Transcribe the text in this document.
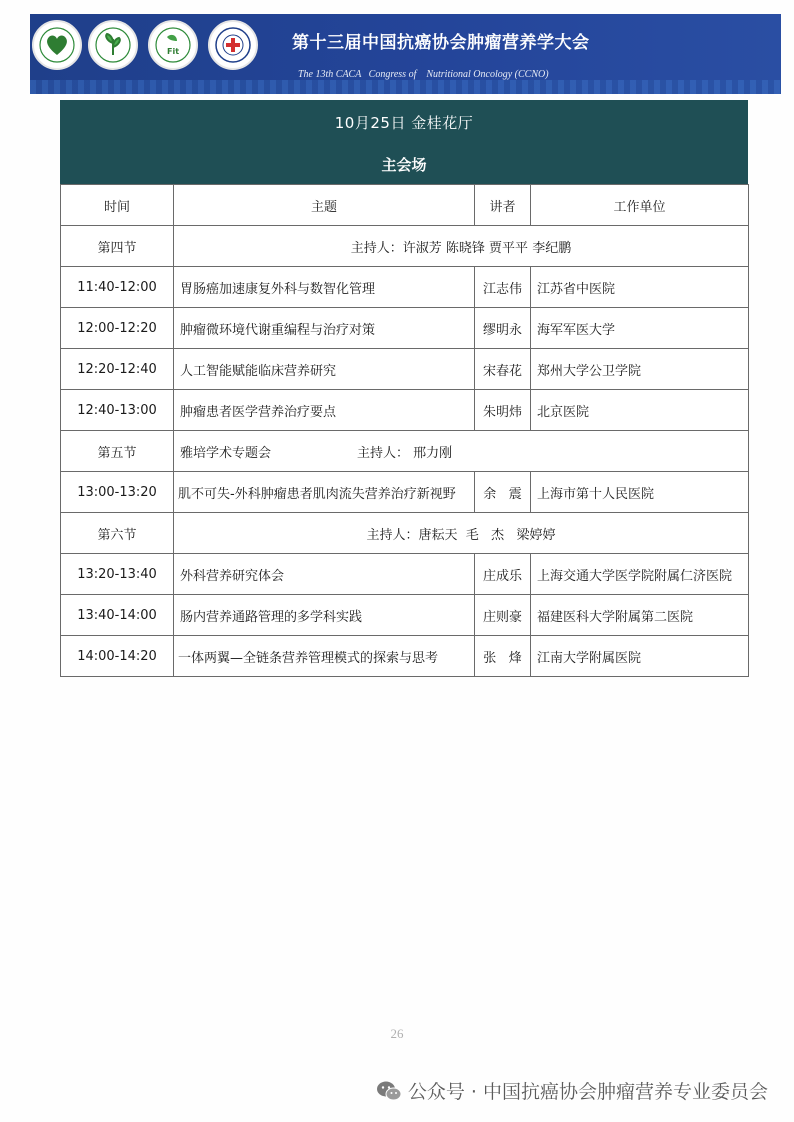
Fit	第十三届中国抗癌协会肿瘤营养学大会
The 13th CACA   Congress of    Nutritional Oncology (CCNO)
10月25日 金桂花厅
主会场
时间	主题	讲者	工作单位
第四节	主持人：许淑芳 陈晓锋 贾平平 李纪鹏		
11:40-12:00	胃肠癌加速康复外科与数智化管理	江志伟	江苏省中医院
12:00-12:20	肿瘤微环境代谢重编程与治疗对策	缪明永	海军军医大学
12:20-12:40	人工智能赋能临床营养研究	宋春花	郑州大学公卫学院
12:40-13:00	肿瘤患者医学营养治疗要点	朱明炜	北京医院
第五节	雅培学术专题会 主持人： 邢力刚		
13:00-13:20	肌不可失-外科肿瘤患者肌肉流失营养治疗新视野	余   震	上海市第十人民医院
第六节	主持人：唐耘天  毛   杰   梁婷婷		
13:20-13:40	外科营养研究体会	庄成乐	上海交通大学医学院附属仁济医院
13:40-14:00	肠内营养通路管理的多学科实践	庄则豪	福建医科大学附属第二医院
14:00-14:20	一体两翼—全链条营养管理模式的探索与思考	张   烽	江南大学附属医院
26
公众号 · 中国抗癌协会肿瘤营养专业委员会
